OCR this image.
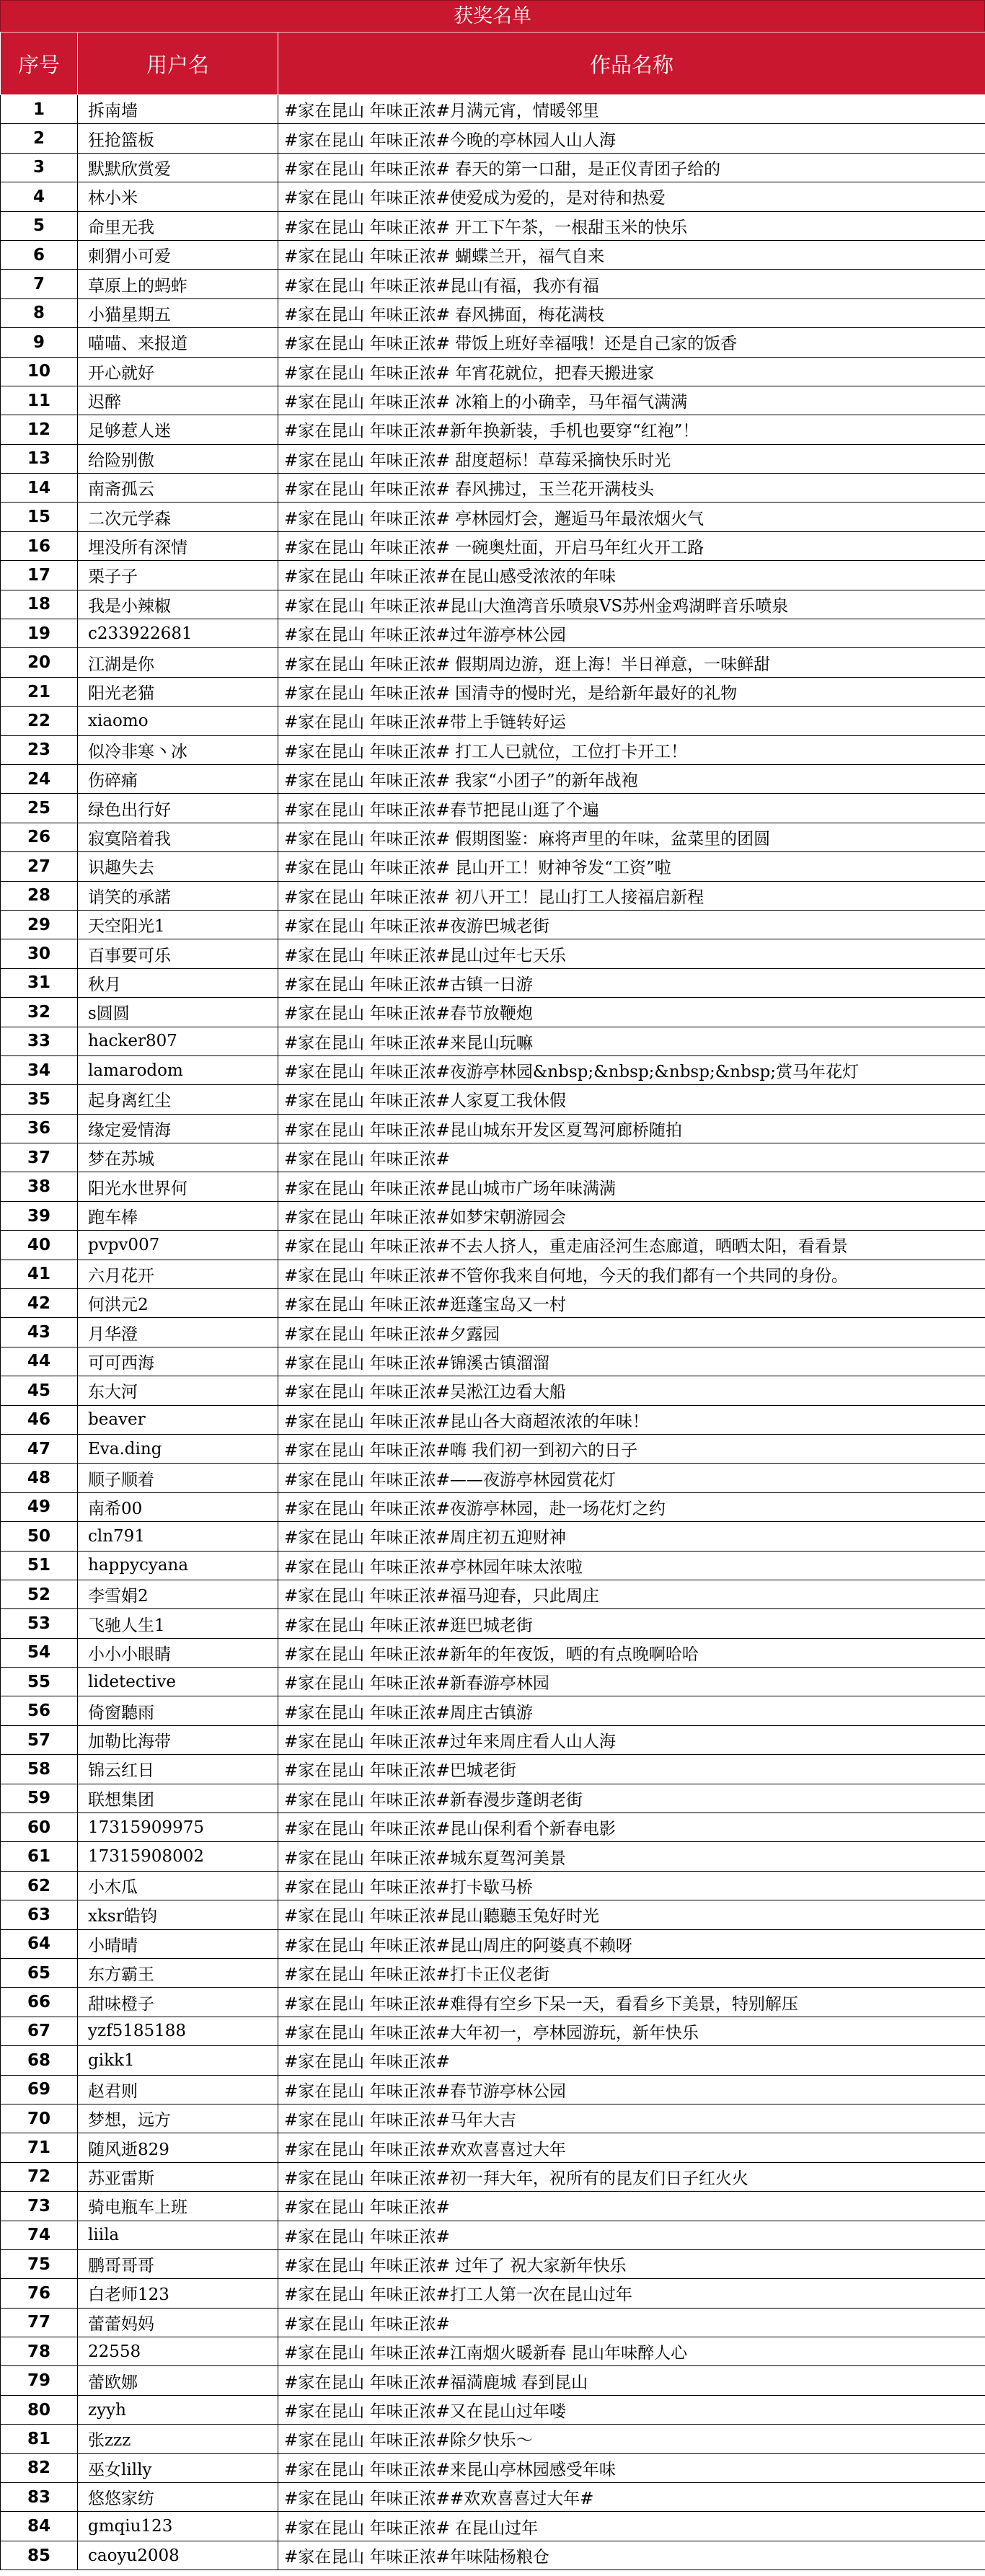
获奖名单
序号	用户名	作品名称
1	拆南墙	#家在昆山 年味正浓#月满元宵，情暖邻里
2	狂抢篮板	#家在昆山 年味正浓#今晚的亭林园人山人海
3	默默欣赏爱	#家在昆山 年味正浓# 春天的第一口甜，是正仪青团子给的
4	林小米	#家在昆山 年味正浓#使爱成为爱的，是对待和热爱
5	命里无我	#家在昆山 年味正浓# 开工下午茶，一根甜玉米的快乐
6	刺猬小可爱	#家在昆山 年味正浓# 蝴蝶兰开，福气自来
7	草原上的蚂蚱	#家在昆山 年味正浓#昆山有福，我亦有福
8	小猫星期五	#家在昆山 年味正浓# 春风拂面，梅花满枝
9	喵喵、来报道	#家在昆山 年味正浓# 带饭上班好幸福哦！还是自己家的饭香
10	开心就好	#家在昆山 年味正浓# 年宵花就位，把春天搬进家
11	迟醉	#家在昆山 年味正浓# 冰箱上的小确幸，马年福气满满
12	足够惹人迷	#家在昆山 年味正浓#新年换新装，手机也要穿“红袍”！
13	给险别傲	#家在昆山 年味正浓# 甜度超标！草莓采摘快乐时光
14	南斋孤云	#家在昆山 年味正浓# 春风拂过，玉兰花开满枝头
15	二次元学森	#家在昆山 年味正浓# 亭林园灯会，邂逅马年最浓烟火气
16	埋没所有深情	#家在昆山 年味正浓# 一碗奥灶面，开启马年红火开工路
17	栗子子	#家在昆山 年味正浓#在昆山感受浓浓的年味
18	我是小辣椒	#家在昆山 年味正浓#昆山大渔湾音乐喷泉VS苏州金鸡湖畔音乐喷泉
19	c233922681	#家在昆山 年味正浓#过年游亭林公园
20	江湖是你	#家在昆山 年味正浓# 假期周边游，逛上海！半日禅意，一味鲜甜
21	阳光老猫	#家在昆山 年味正浓# 国清寺的慢时光，是给新年最好的礼物
22	xiaomo	#家在昆山 年味正浓#带上手链转好运
23	似冷非寒丶冰	#家在昆山 年味正浓# 打工人已就位，工位打卡开工！
24	伤碎痛	#家在昆山 年味正浓# 我家“小团子”的新年战袍
25	绿色出行好	#家在昆山 年味正浓#春节把昆山逛了个遍
26	寂寞陪着我	#家在昆山 年味正浓# 假期图鉴：麻将声里的年味，盆菜里的团圆
27	识趣失去	#家在昆山 年味正浓# 昆山开工！财神爷发“工资”啦
28	诮笑的承諾	#家在昆山 年味正浓# 初八开工！昆山打工人接福启新程
29	天空阳光1	#家在昆山 年味正浓#夜游巴城老街
30	百事要可乐	#家在昆山 年味正浓#昆山过年七天乐
31	秋月	#家在昆山 年味正浓#古镇一日游
32	s圆圆	#家在昆山 年味正浓#春节放鞭炮
33	hacker807	#家在昆山 年味正浓#来昆山玩嘛
34	lamarodom	#家在昆山 年味正浓#夜游亭林园&nbsp;&nbsp;&nbsp;&nbsp;赏马年花灯
35	起身离红尘	#家在昆山 年味正浓#人家夏工我休假
36	缘定爱情海	#家在昆山 年味正浓#昆山城东开发区夏驾河廊桥随拍
37	梦在苏城	#家在昆山 年味正浓#
38	阳光水世界何	#家在昆山 年味正浓#昆山城市广场年味满满
39	跑车棒	#家在昆山 年味正浓#如梦宋朝游园会
40	pvpv007	#家在昆山 年味正浓#不去人挤人，重走庙泾河生态廊道，晒晒太阳，看看景
41	六月花开	#家在昆山 年味正浓#不管你我来自何地，今天的我们都有一个共同的身份。
42	何洪元2	#家在昆山 年味正浓#逛蓬宝岛又一村
43	月华澄	#家在昆山 年味正浓#夕露园
44	可可西海	#家在昆山 年味正浓#锦溪古镇溜溜
45	东大河	#家在昆山 年味正浓#吴淞江边看大船
46	beaver	#家在昆山 年味正浓#昆山各大商超浓浓的年味！
47	Eva.ding	#家在昆山 年味正浓#嗨 我们初一到初六的日子
48	顺子顺着	#家在昆山 年味正浓#——夜游亭林园赏花灯
49	南希00	#家在昆山 年味正浓#夜游亭林园，赴一场花灯之约
50	cln791	#家在昆山 年味正浓#周庄初五迎财神
51	happycyana	#家在昆山 年味正浓#亭林园年味太浓啦
52	李雪娟2	#家在昆山 年味正浓#福马迎春，只此周庄
53	飞驰人生1	#家在昆山 年味正浓#逛巴城老街
54	小小小眼睛	#家在昆山 年味正浓#新年的年夜饭，晒的有点晚啊哈哈
55	lidetective	#家在昆山 年味正浓#新春游亭林园
56	倚窗聽雨	#家在昆山 年味正浓#周庄古镇游
57	加勒比海带	#家在昆山 年味正浓#过年来周庄看人山人海
58	锦云红日	#家在昆山 年味正浓#巴城老街
59	联想集团	#家在昆山 年味正浓#新春漫步蓬朗老街
60	17315909975	#家在昆山 年味正浓#昆山保利看个新春电影
61	17315908002	#家在昆山 年味正浓#城东夏驾河美景
62	小木瓜	#家在昆山 年味正浓#打卡歇马桥
63	xksr皓钧	#家在昆山 年味正浓#昆山聽聽玉兔好时光
64	小晴晴	#家在昆山 年味正浓#昆山周庄的阿婆真不赖呀
65	东方霸王	#家在昆山 年味正浓#打卡正仪老街
66	甜味橙子	#家在昆山 年味正浓#难得有空乡下呆一天，看看乡下美景，特别解压
67	yzf5185188	#家在昆山 年味正浓#大年初一，亭林园游玩，新年快乐
68	gikk1	#家在昆山 年味正浓#
69	赵君则	#家在昆山 年味正浓#春节游亭林公园
70	梦想，远方	#家在昆山 年味正浓#马年大吉
71	随风逝829	#家在昆山 年味正浓#欢欢喜喜过大年
72	苏亚雷斯	#家在昆山 年味正浓#初一拜大年，祝所有的昆友们日子红火火
73	骑电瓶车上班	#家在昆山 年味正浓#
74	liila	#家在昆山 年味正浓#
75	鹏哥哥哥	#家在昆山 年味正浓# 过年了 祝大家新年快乐
76	白老师123	#家在昆山 年味正浓#打工人第一次在昆山过年
77	蕾蕾妈妈	#家在昆山 年味正浓#
78	22558	#家在昆山 年味正浓#江南烟火暖新春 昆山年味醉人心
79	蕾欧娜	#家在昆山 年味正浓#福満鹿城 春到昆山
80	zyyh	#家在昆山 年味正浓#又在昆山过年喽
81	张zzz	#家在昆山 年味正浓#除夕快乐～
82	巫女lilly	#家在昆山 年味正浓#来昆山亭林园感受年味
83	悠悠家纺	#家在昆山 年味正浓##欢欢喜喜过大年#
84	gmqiu123	#家在昆山 年味正浓# 在昆山过年
85	caoyu2008	#家在昆山 年味正浓#年味陆杨粮仓
